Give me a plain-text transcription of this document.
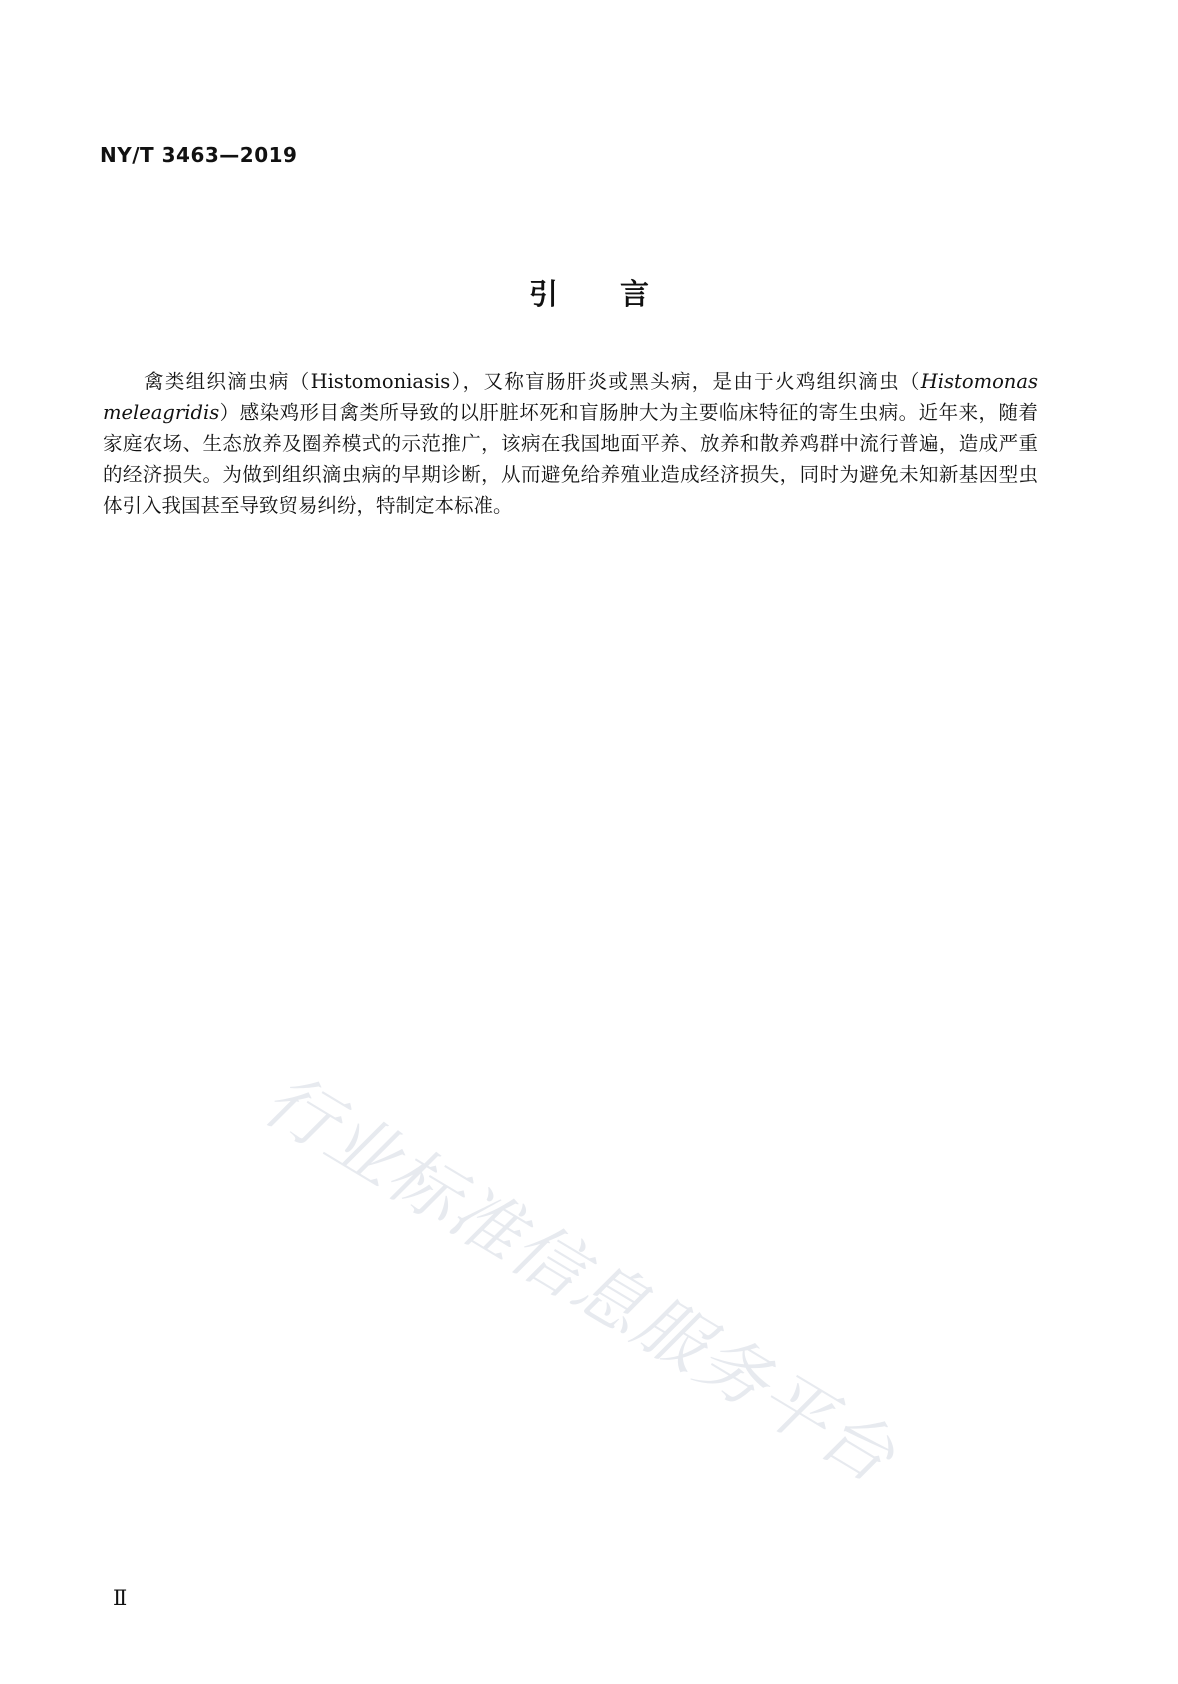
NY/T 3463—2019
引言

禽类组织滴虫病（Histomoniasis），又称盲肠肝炎或黑头病，是由于火鸡组织滴虫（Histomonas meleagridis）感染鸡形目禽类所导致的以肝脏坏死和盲肠肿大为主要临床特征的寄生虫病。近年来，随着家庭农场、生态放养及圈养模式的示范推广，该病在我国地面平养、放养和散养鸡群中流行普遍，造成严重的经济损失。为做到组织滴虫病的早期诊断，从而避免给养殖业造成经济损失，同时为避免未知新基因型虫体引入我国甚至导致贸易纠纷，特制定本标准。

行业标准信息服务平台
Ⅱ
